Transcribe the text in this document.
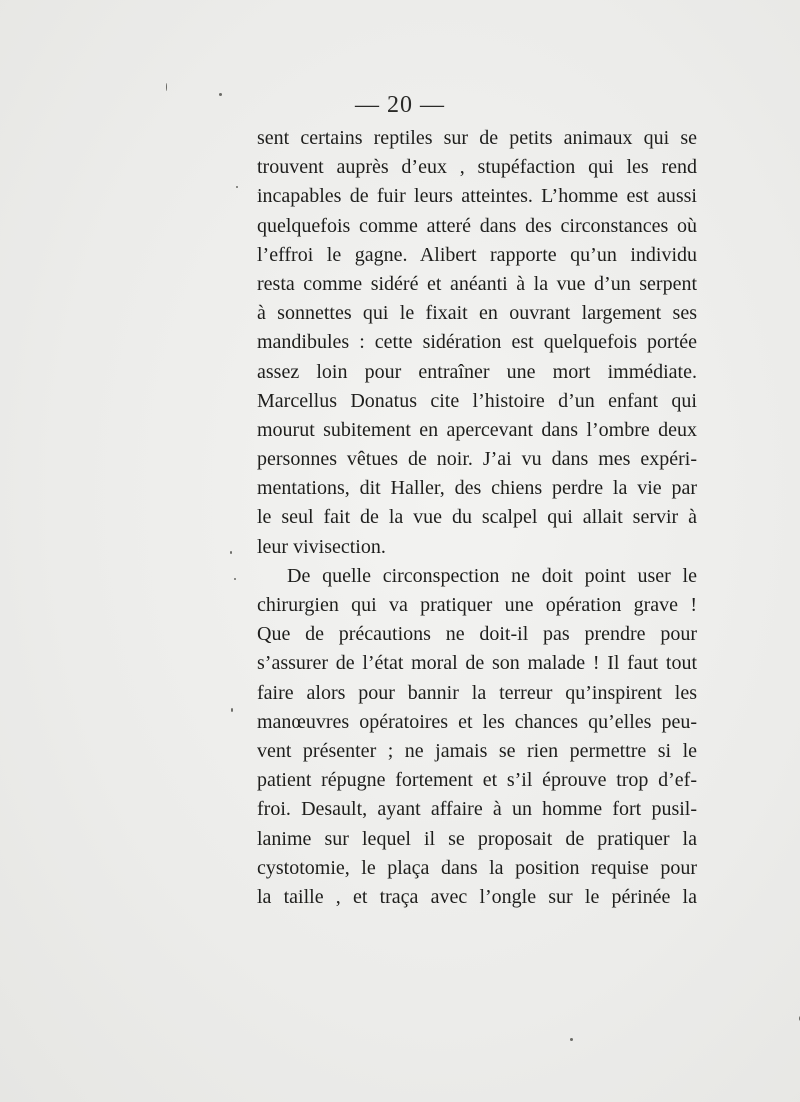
— 20 —
sent certains reptiles sur de petits animaux qui se
trouvent auprès d’eux , stupéfaction qui les rend
incapables de fuir leurs atteintes. L’homme est aussi
quelquefois comme atteré dans des circonstances où
l’effroi le gagne. Alibert rapporte qu’un individu
resta comme sidéré et anéanti à la vue d’un serpent
à sonnettes qui le fixait en ouvrant largement ses
mandibules : cette sidération est quelquefois portée
assez loin pour entraîner une mort immédiate.
Marcellus Donatus cite l’histoire d’un enfant qui
mourut subitement en apercevant dans l’ombre deux
personnes vêtues de noir. J’ai vu dans mes expéri-
mentations, dit Haller, des chiens perdre la vie par
le seul fait de la vue du scalpel qui allait servir à
leur vivisection.
De quelle circonspection ne doit point user le
chirurgien qui va pratiquer une opération grave !
Que de précautions ne doit-il pas prendre pour
s’assurer de l’état moral de son malade ! Il faut tout
faire alors pour bannir la terreur qu’inspirent les
manœuvres opératoires et les chances qu’elles peu-
vent présenter ; ne jamais se rien permettre si le
patient répugne fortement et s’il éprouve trop d’ef-
froi. Desault, ayant affaire à un homme fort pusil-
lanime sur lequel il se proposait de pratiquer la
cystotomie, le plaça dans la position requise pour
la taille , et traça avec l’ongle sur le périnée la
